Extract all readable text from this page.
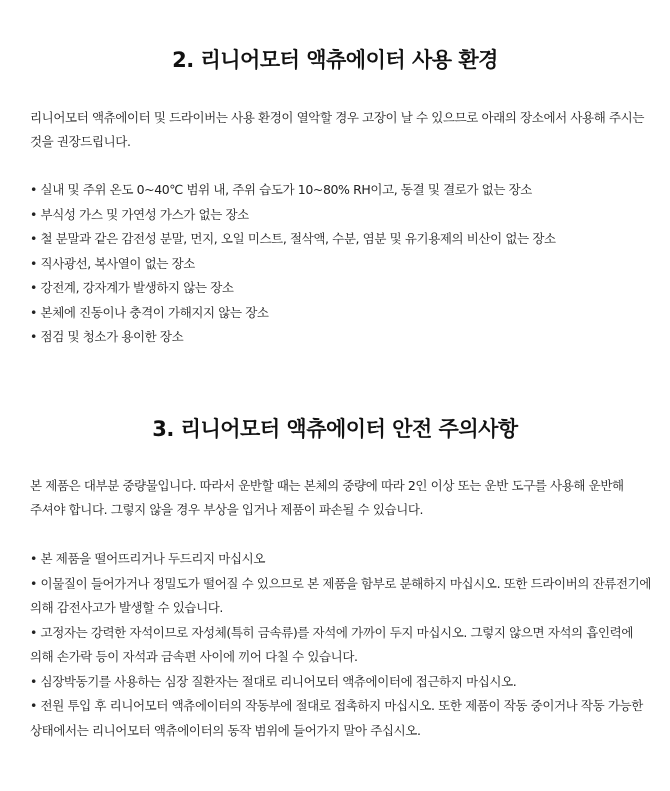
2. 리니어모터 액츄에이터 사용 환경

리니어모터 액츄에이터 및 드라이버는 사용 환경이 열악할 경우 고장이 날 수 있으므로 아래의 장소에서 사용해 주시는 것을 권장드립니다.

• 실내 및 주위 온도 0~40℃ 범위 내, 주위 습도가 10~80% RH이고, 동결 및 결로가 없는 장소
• 부식성 가스 및 가연성 가스가 없는 장소
• 철 분말과 같은 감전성 분말, 먼지, 오일 미스트, 절삭액, 수분, 염분 및 유기용제의 비산이 없는 장소
• 직사광선, 복사열이 없는 장소
• 강전계, 강자계가 발생하지 않는 장소
• 본체에 진동이나 충격이 가해지지 않는 장소
• 점검 및 청소가 용이한 장소
3. 리니어모터 액츄에이터 안전 주의사항

본 제품은 대부분 중량물입니다. 따라서 운반할 때는 본체의 중량에 따라 2인 이상 또는 운반 도구를 사용해 운반해 주셔야 합니다. 그렇지 않을 경우 부상을 입거나 제품이 파손될 수 있습니다.

• 본 제품을 떨어뜨리거나 두드리지 마십시오
• 이물질이 들어가거나 정밀도가 떨어질 수 있으므로 본 제품을 함부로 분해하지 마십시오. 또한 드라이버의 잔류전기에 의해 감전사고가 발생할 수 있습니다.
• 고정자는 강력한 자석이므로 자성체(특히 금속류)를 자석에 가까이 두지 마십시오. 그렇지 않으면 자석의 흡인력에 의해 손가락 등이 자석과 금속편 사이에 끼어 다칠 수 있습니다.
• 심장박동기를 사용하는 심장 질환자는 절대로 리니어모터 액츄에이터에 접근하지 마십시오.
• 전원 투입 후 리니어모터 액츄에이터의 작동부에 절대로 접촉하지 마십시오. 또한 제품이 작동 중이거나 작동 가능한 상태에서는 리니어모터 액츄에이터의 동작 범위에 들어가지 말아 주십시오.
